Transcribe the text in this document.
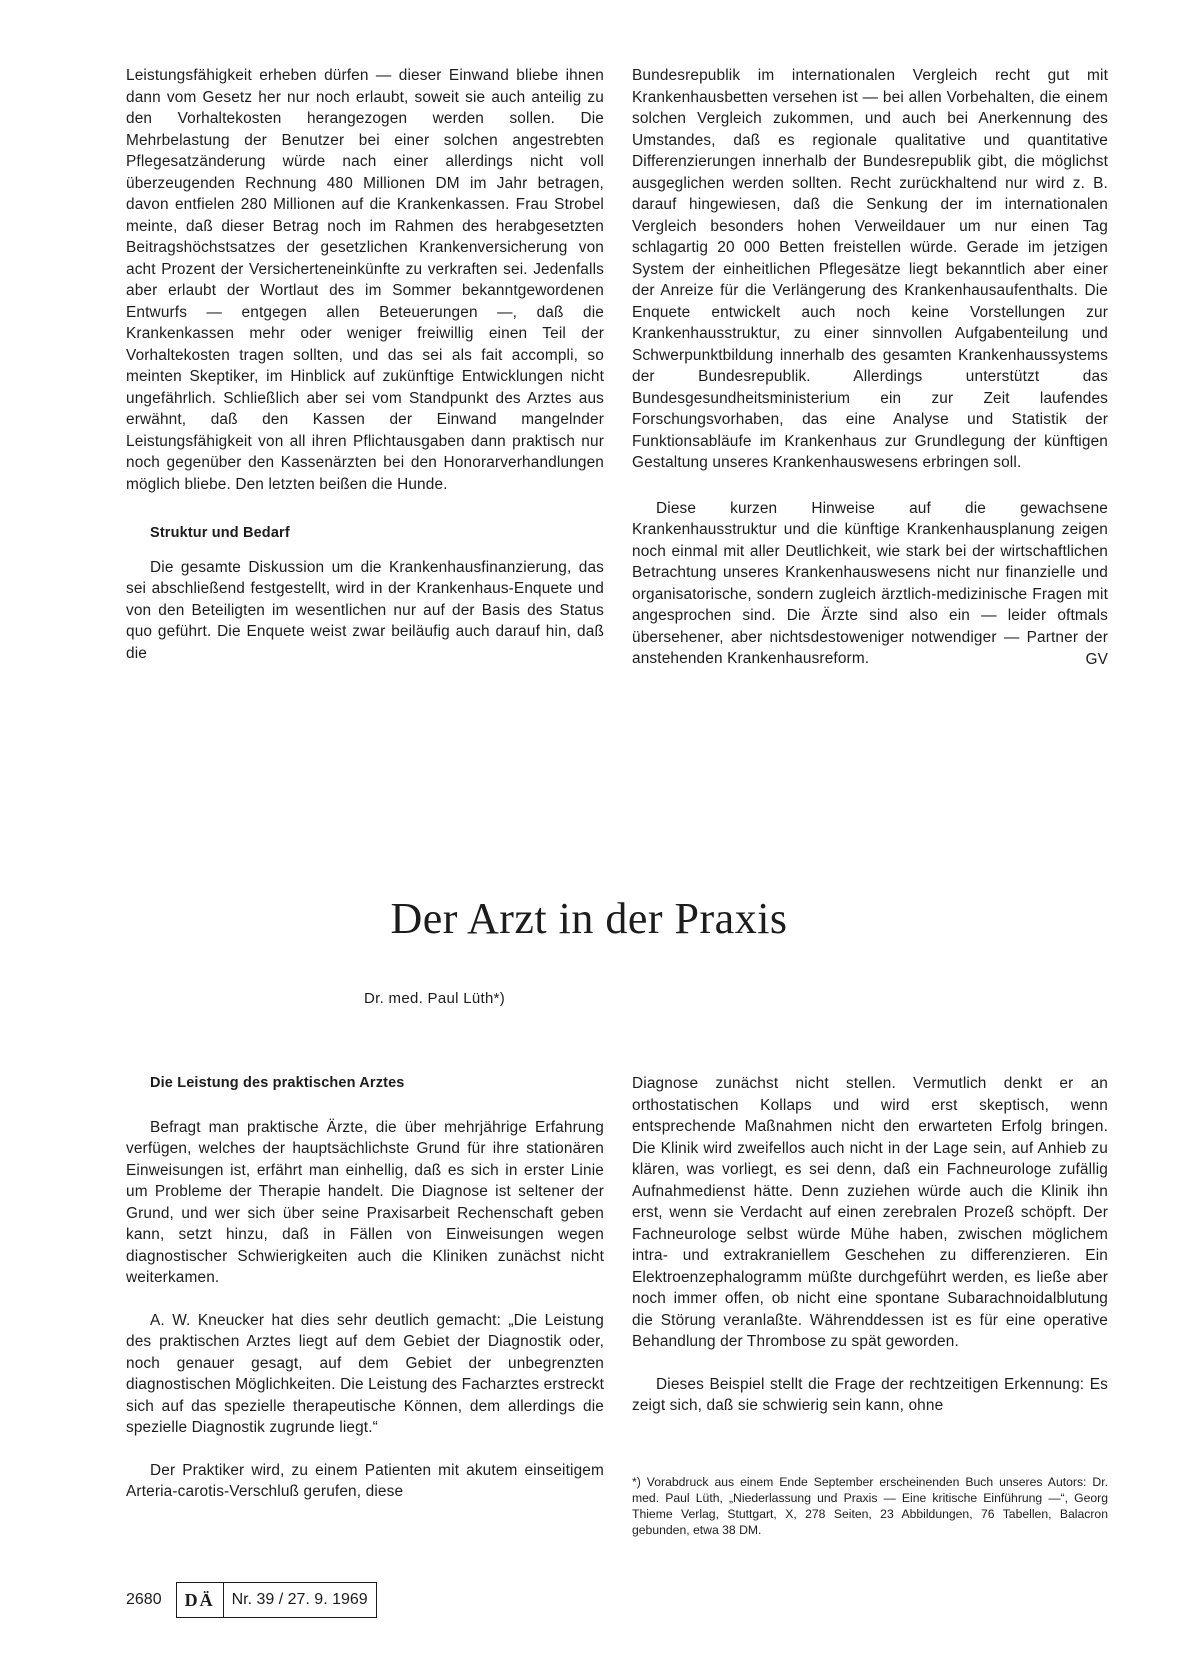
Leistungsfähigkeit erheben dürfen — dieser Einwand bliebe ihnen dann vom Gesetz her nur noch erlaubt, soweit sie auch anteilig zu den Vorhaltekosten herangezogen werden sollen. Die Mehrbelastung der Benutzer bei einer solchen angestrebten Pflegesatzänderung würde nach einer allerdings nicht voll überzeugenden Rechnung 480 Millionen DM im Jahr betragen, davon entfielen 280 Millionen auf die Krankenkassen. Frau Strobel meinte, daß dieser Betrag noch im Rahmen des herabgesetzten Beitragshöchstsatzes der gesetzlichen Krankenversicherung von acht Prozent der Versicherteneinkünfte zu verkraften sei. Jedenfalls aber erlaubt der Wortlaut des im Sommer bekanntgewordenen Entwurfs — entgegen allen Beteuerungen —, daß die Krankenkassen mehr oder weniger freiwillig einen Teil der Vorhaltekosten tragen sollten, und das sei als fait accompli, so meinten Skeptiker, im Hinblick auf zukünftige Entwicklungen nicht ungefährlich. Schließlich aber sei vom Standpunkt des Arztes aus erwähnt, daß den Kassen der Einwand mangelnder Leistungsfähigkeit von all ihren Pflichtausgaben dann praktisch nur noch gegenüber den Kassenärzten bei den Honorarverhandlungen möglich bliebe. Den letzten beißen die Hunde.

Struktur und Bedarf

Die gesamte Diskussion um die Krankenhausfinanzierung, das sei abschließend festgestellt, wird in der Krankenhaus-Enquete und von den Beteiligten im wesentlichen nur auf der Basis des Status quo geführt. Die Enquete weist zwar beiläufig auch darauf hin, daß die

Bundesrepublik im internationalen Vergleich recht gut mit Krankenhausbetten versehen ist — bei allen Vorbehalten, die einem solchen Vergleich zukommen, und auch bei Anerkennung des Umstandes, daß es regionale qualitative und quantitative Differenzierungen innerhalb der Bundesrepublik gibt, die möglichst ausgeglichen werden sollten. Recht zurückhaltend nur wird z. B. darauf hingewiesen, daß die Senkung der im internationalen Vergleich besonders hohen Verweildauer um nur einen Tag schlagartig 20 000 Betten freistellen würde. Gerade im jetzigen System der einheitlichen Pflegesätze liegt bekanntlich aber einer der Anreize für die Verlängerung des Krankenhausaufenthalts. Die Enquete entwickelt auch noch keine Vorstellungen zur Krankenhausstruktur, zu einer sinnvollen Aufgabenteilung und Schwerpunktbildung innerhalb des gesamten Krankenhaussystems der Bundesrepublik. Allerdings unterstützt das Bundesgesundheitsministerium ein zur Zeit laufendes Forschungsvorhaben, das eine Analyse und Statistik der Funktionsabläufe im Krankenhaus zur Grundlegung der künftigen Gestaltung unseres Krankenhauswesens erbringen soll.

Diese kurzen Hinweise auf die gewachsene Krankenhausstruktur und die künftige Krankenhausplanung zeigen noch einmal mit aller Deutlichkeit, wie stark bei der wirtschaftlichen Betrachtung unseres Krankenhauswesens nicht nur finanzielle und organisatorische, sondern zugleich ärztlich-medizinische Fragen mit angesprochen sind. Die Ärzte sind also ein — leider oftmals übersehener, aber nichtsdestoweniger notwendiger — Partner der anstehenden Krankenhausreform.	GV
Der Arzt in der Praxis
Dr. med. Paul Lüth*)

Die Leistung des praktischen Arztes

Befragt man praktische Ärzte, die über mehrjährige Erfahrung verfügen, welches der hauptsächlichste Grund für ihre stationären Einweisungen ist, erfährt man einhellig, daß es sich in erster Linie um Probleme der Therapie handelt. Die Diagnose ist seltener der Grund, und wer sich über seine Praxisarbeit Rechenschaft geben kann, setzt hinzu, daß in Fällen von Einweisungen wegen diagnostischer Schwierigkeiten auch die Kliniken zunächst nicht weiterkamen.

A. W. Kneucker hat dies sehr deutlich gemacht: „Die Leistung des praktischen Arztes liegt auf dem Gebiet der Diagnostik oder, noch genauer gesagt, auf dem Gebiet der unbegrenzten diagnostischen Möglichkeiten. Die Leistung des Facharztes erstreckt sich auf das spezielle therapeutische Können, dem allerdings die spezielle Diagnostik zugrunde liegt.“

Der Praktiker wird, zu einem Patienten mit akutem einseitigem Arteria-carotis-Verschluß gerufen, diese

Diagnose zunächst nicht stellen. Vermutlich denkt er an orthostatischen Kollaps und wird erst skeptisch, wenn entsprechende Maßnahmen nicht den erwarteten Erfolg bringen. Die Klinik wird zweifellos auch nicht in der Lage sein, auf Anhieb zu klären, was vorliegt, es sei denn, daß ein Fachneurologe zufällig Aufnahmedienst hätte. Denn zuziehen würde auch die Klinik ihn erst, wenn sie Verdacht auf einen zerebralen Prozeß schöpft. Der Fachneurologe selbst würde Mühe haben, zwischen möglichem intra- und extrakraniellem Geschehen zu differenzieren. Ein Elektroenzephalogramm müßte durchgeführt werden, es ließe aber noch immer offen, ob nicht eine spontane Subarachnoidalblutung die Störung veranlaßte. Währenddessen ist es für eine operative Behandlung der Thrombose zu spät geworden.

Dieses Beispiel stellt die Frage der rechtzeitigen Erkennung: Es zeigt sich, daß sie schwierig sein kann, ohne

*) Vorabdruck aus einem Ende September erscheinenden Buch unseres Autors: Dr. med. Paul Lüth, „Niederlassung und Praxis — Eine kritische Einführung —“, Georg Thieme Verlag, Stuttgart, X, 278 Seiten, 23 Abbildungen, 76 Tabellen, Balacron gebunden, etwa 38 DM.
2680	DÄ	Nr. 39 / 27. 9. 1969
